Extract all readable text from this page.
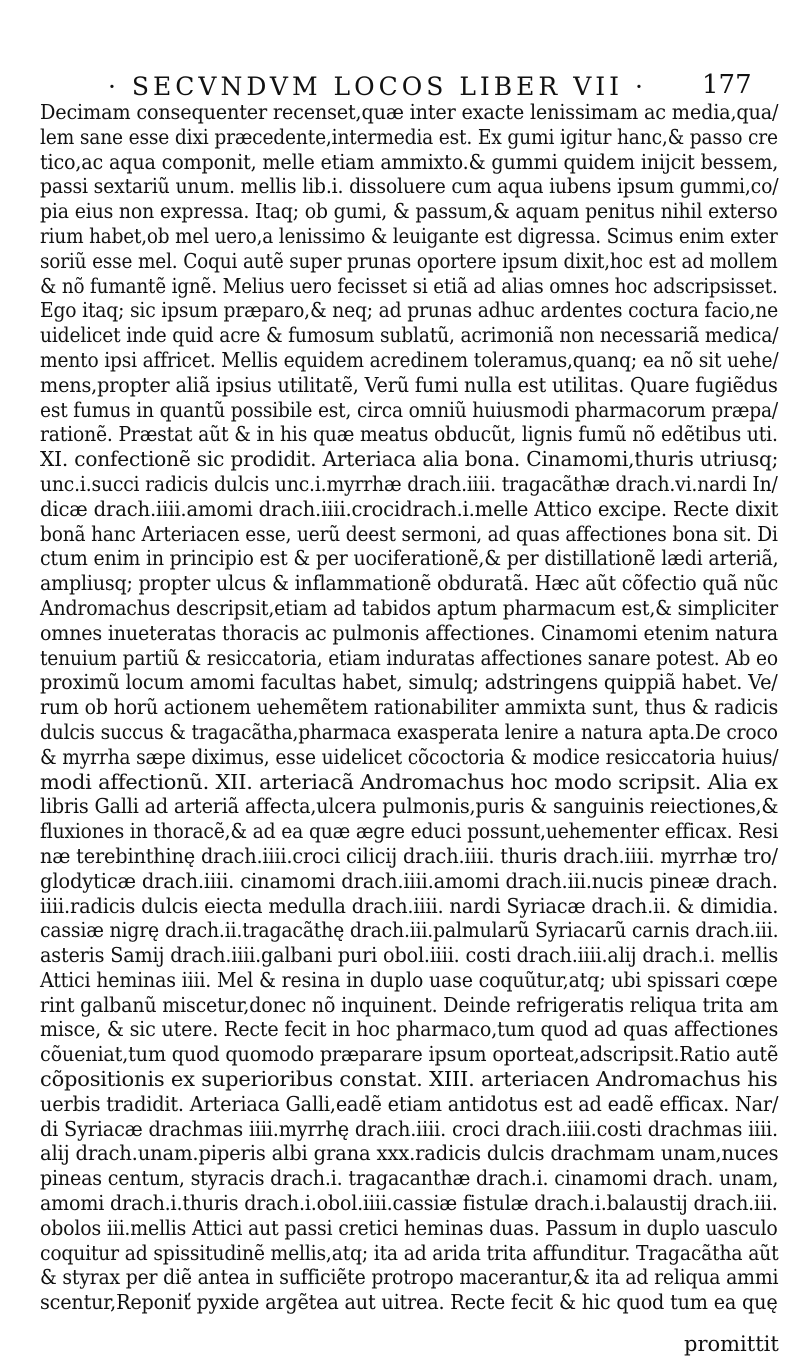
· SECVNDVM LOCOS LIBER VII · 177
Decimam consequenter recenset,quæ inter exacte lenissimam ac media,qua/
lem sane esse dixi præcedente,intermedia est. Ex gumi igitur hanc,& passo cre
tico,ac aqua componit, melle etiam ammixto.& gummi quidem inijcit bessem,
passi sextariũ unum. mellis lib.i. dissoluere cum aqua iubens ipsum gummi,co/
pia eius non expressa. Itaq; ob gumi, & passum,& aquam penitus nihil exterso
rium habet,ob mel uero,a lenissimo & leuigante est digressa. Scimus enim exter
soriũ esse mel. Coqui autẽ super prunas oportere ipsum dixit,hoc est ad mollem
& nõ fumantẽ ignẽ. Melius uero fecisset si etiã ad alias omnes hoc adscripsisset.
Ego itaq; sic ipsum præparo,& neq; ad prunas adhuc ardentes coctura facio,ne
uidelicet inde quid acre & fumosum sublatũ, acrimoniã non necessariã medica/
mento ipsi affricet. Mellis equidem acredinem toleramus,quanq; ea nõ sit uehe/
mens,propter aliã ipsius utilitatẽ, Verũ fumi nulla est utilitas. Quare fugiẽdus
est fumus in quantũ possibile est, circa omniũ huiusmodi pharmacorum præpa/
rationẽ. Præstat aũt & in his quæ meatus obducũt, lignis fumũ nõ edẽtibus uti.
XI. confectionẽ sic prodidit. Arteriaca alia bona. Cinamomi,thuris utriusq;
unc.i.succi radicis dulcis unc.i.myrrhæ drach.iiii. tragacãthæ drach.vi.nardi In/
dicæ drach.iiii.amomi drach.iiii.crocidrach.i.melle Attico excipe. Recte dixit
bonã hanc Arteriacen esse, uerũ deest sermoni, ad quas affectiones bona sit. Di
ctum enim in principio est & per uociferationẽ,& per distillationẽ lædi arteriã,
ampliusq; propter ulcus & inflammationẽ obduratã. Hæc aũt cõfectio quã nũc
Andromachus descripsit,etiam ad tabidos aptum pharmacum est,& simpliciter
omnes inueteratas thoracis ac pulmonis affectiones. Cinamomi etenim natura
tenuium partiũ & resiccatoria, etiam induratas affectiones sanare potest. Ab eo
proximũ locum amomi facultas habet, simulq; adstringens quippiã habet. Ve/
rum ob horũ actionem uehemẽtem rationabiliter ammixta sunt, thus & radicis
dulcis succus & tragacãtha,pharmaca exasperata lenire a natura apta.De croco
& myrrha sæpe diximus, esse uidelicet cõcoctoria & modice resiccatoria huius/
modi affectionũ. XII. arteriacã Andromachus hoc modo scripsit. Alia ex
libris Galli ad arteriã affecta,ulcera pulmonis,puris & sanguinis reiectiones,&
fluxiones in thoracẽ,& ad ea quæ ægre educi possunt,uehementer efficax. Resi
næ terebinthinę drach.iiii.croci cilicij drach.iiii. thuris drach.iiii. myrrhæ tro/
glodyticæ drach.iiii. cinamomi drach.iiii.amomi drach.iii.nucis pineæ drach.
iiii.radicis dulcis eiecta medulla drach.iiii. nardi Syriacæ drach.ii. & dimidia.
cassiæ nigrę drach.ii.tragacãthę drach.iii.palmularũ Syriacarũ carnis drach.iii.
asteris Samij drach.iiii.galbani puri obol.iiii. costi drach.iiii.alij drach.i. mellis
Attici heminas iiii. Mel & resina in duplo uase coquũtur,atq; ubi spissari cœpe
rint galbanũ miscetur,donec nõ inquinent. Deinde refrigeratis reliqua trita am
misce, & sic utere. Recte fecit in hoc pharmaco,tum quod ad quas affectiones
cõueniat,tum quod quomodo præparare ipsum oporteat,adscripsit.Ratio autẽ
cõpositionis ex superioribus constat. XIII. arteriacen Andromachus his
uerbis tradidit. Arteriaca Galli,eadẽ etiam antidotus est ad eadẽ efficax. Nar/
di Syriacæ drachmas iiii.myrrhę drach.iiii. croci drach.iiii.costi drachmas iiii.
alij drach.unam.piperis albi grana xxx.radicis dulcis drachmam unam,nuces
pineas centum, styracis drach.i. tragacanthæ drach.i. cinamomi drach. unam,
amomi drach.i.thuris drach.i.obol.iiii.cassiæ fistulæ drach.i.balaustij drach.iii.
obolos iii.mellis Attici aut passi cretici heminas duas. Passum in duplo uasculo
coquitur ad spissitudinẽ mellis,atq; ita ad arida trita affunditur. Tragacãtha aũt
& styrax per diẽ antea in sufficiẽte protropo macerantur,& ita ad reliqua ammi
scentur,Reponiť pyxide argẽtea aut uitrea. Recte fecit & hic quod tum ea quę
promittit
